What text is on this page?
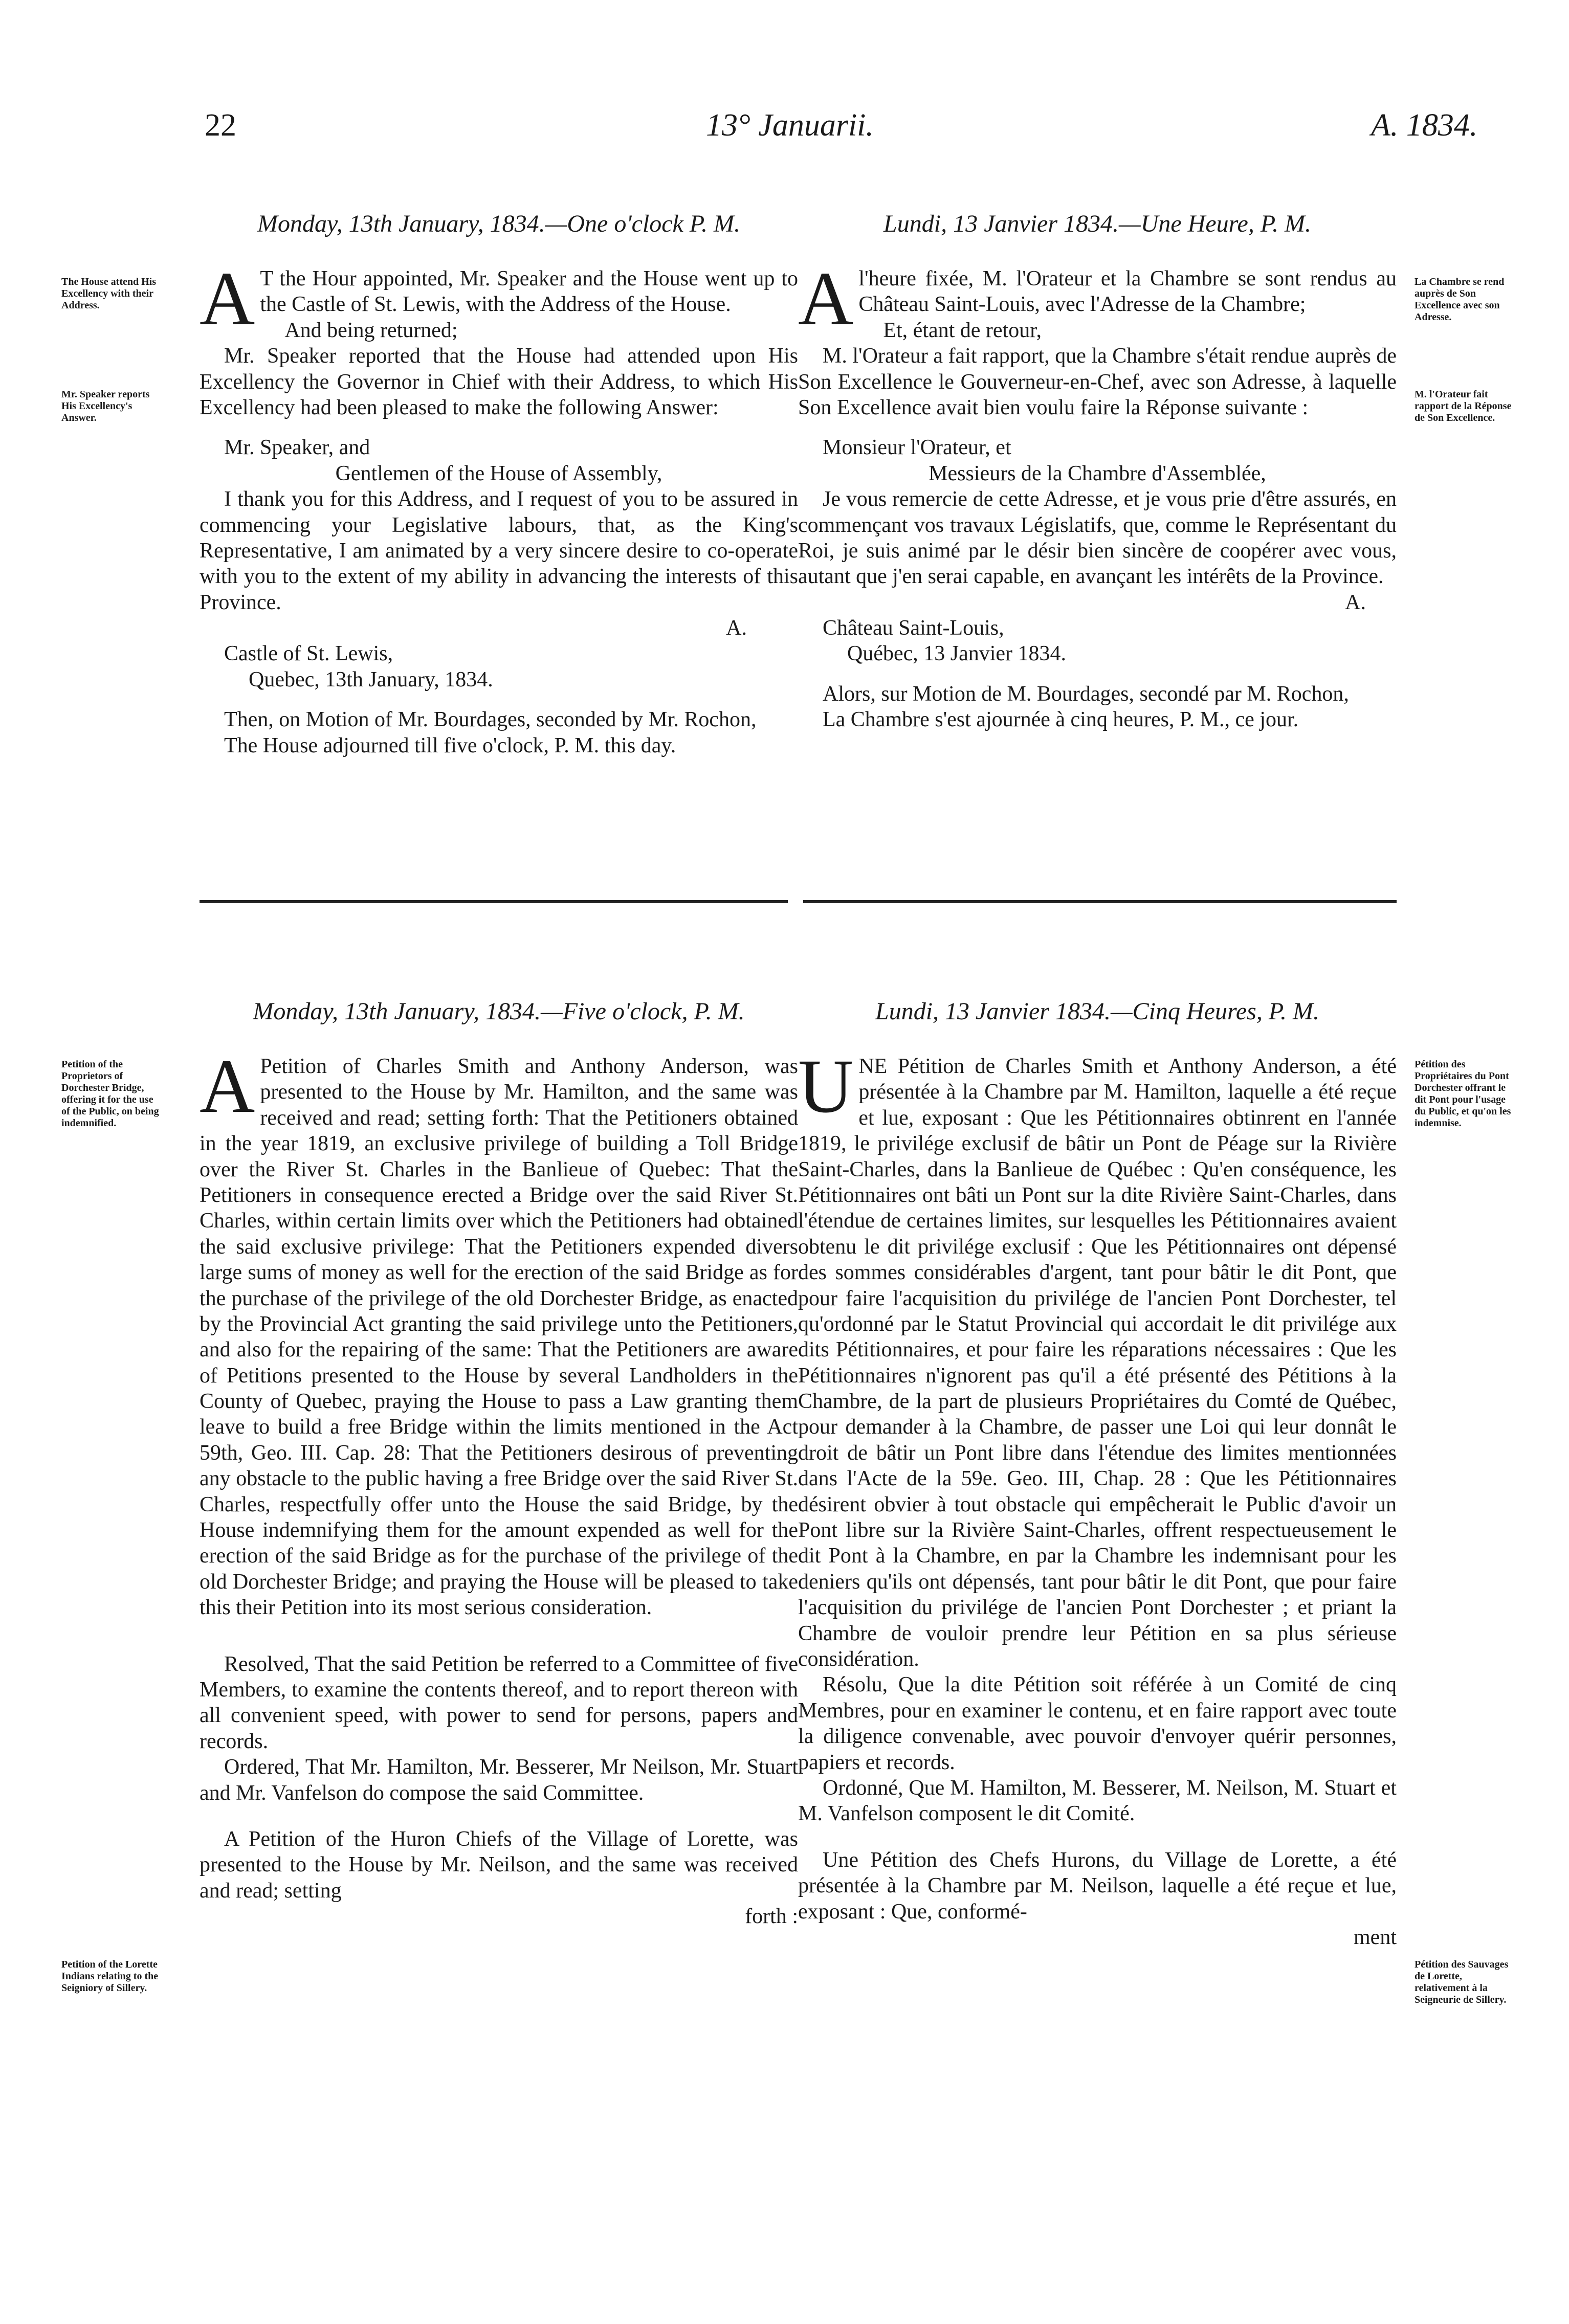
22	13° Januarii.	A. 1834.
Monday, 13th January, 1834.—One o'clock P. M.
The House attend His Excellency with their Address.
Mr. Speaker reports His Excellency's Answer.

A T the Hour appointed, Mr. Speaker and the House went up to the Castle of St. Lewis, with the Address of the House.

And being returned;

Mr. Speaker reported that the House had attended upon His Excellency the Governor in Chief with their Address, to which His Excellency had been pleased to make the following Answer:

Mr. Speaker, and

Gentlemen of the House of Assembly,

I thank you for this Address, and I request of you to be assured in commencing your Legislative labours, that, as the King's Representative, I am animated by a very sincere desire to co-operate with you to the extent of my ability in advancing the interests of this Province.

A.

Castle of St. Lewis,

Quebec, 13th January, 1834.

Then, on Motion of Mr. Bourdages, seconded by Mr. Rochon,

The House adjourned till five o'clock, P. M. this day.

Lundi, 13 Janvier 1834.—Une Heure, P. M.
La Chambre se rend auprès de Son Excellence avec son Adresse.
M. l'Orateur fait rapport de la Réponse de Son Excellence.

Al'heure fixée, M. l'Orateur et la Chambre se sont rendus au Château Saint-Louis, avec l'Adresse de la Chambre;

Et, étant de retour,

M. l'Orateur a fait rapport, que la Chambre s'était rendue auprès de Son Excellence le Gouverneur-en-Chef, avec son Adresse, à laquelle Son Excellence avait bien voulu faire la Réponse suivante :

Monsieur l'Orateur, et

Messieurs de la Chambre d'Assemblée,

Je vous remercie de cette Adresse, et je vous prie d'être assurés, en commençant vos travaux Législatifs, que, comme le Représentant du Roi, je suis animé par le désir bien sincère de coopérer avec vous, autant que j'en serai capable, en avançant les intérêts de la Province.

A.

Château Saint-Louis,

Québec, 13 Janvier 1834.

Alors, sur Motion de M. Bourdages, secondé par M. Rochon,

La Chambre s'est ajournée à cinq heures, P. M., ce jour.

Monday, 13th January, 1834.—Five o'clock, P. M.
Petition of the Proprietors of Dorchester Bridge, offering it for the use of the Public, on being indemnified.
Petition of the Lorette Indians relating to the Seigniory of Sillery.

A Petition of Charles Smith and Anthony Anderson, was presented to the House by Mr. Hamilton, and the same was received and read; setting forth: That the Petitioners obtained in the year 1819, an exclusive privilege of building a Toll Bridge over the River St. Charles in the Banlieue of Quebec: That the Petitioners in consequence erected a Bridge over the said River St. Charles, within certain limits over which the Petitioners had obtained the said exclusive privilege: That the Petitioners expended divers large sums of money as well for the erection of the said Bridge as for the purchase of the privilege of the old Dorchester Bridge, as enacted by the Provincial Act granting the said privilege unto the Petitioners, and also for the repairing of the same: That the Petitioners are aware of Petitions presented to the House by several Landholders in the County of Quebec, praying the House to pass a Law granting them leave to build a free Bridge within the limits mentioned in the Act 59th, Geo. III. Cap. 28: That the Petitioners desirous of preventing any obstacle to the public having a free Bridge over the said River St. Charles, respectfully offer unto the House the said Bridge, by the House indemnifying them for the amount expended as well for the erection of the said Bridge as for the purchase of the privilege of the old Dorchester Bridge; and praying the House will be pleased to take this their Petition into its most serious consideration.

Resolved, That the said Petition be referred to a Committee of five Members, to examine the contents thereof, and to report thereon with all convenient speed, with power to send for persons, papers and records.

Ordered, That Mr. Hamilton, Mr. Besserer, Mr Neilson, Mr. Stuart and Mr. Vanfelson do compose the said Committee.

A Petition of the Huron Chiefs of the Village of Lorette, was presented to the House by Mr. Neilson, and the same was received and read; setting

forth :

Lundi, 13 Janvier 1834.—Cinq Heures, P. M.
Pétition des Propriétaires du Pont Dorchester offrant le dit Pont pour l'usage du Public, et qu'on les indemnise.
Pétition des Sauvages de Lorette, relativement à la Seigneurie de Sillery.

UNE Pétition de Charles Smith et Anthony Anderson, a été présentée à la Chambre par M. Hamilton, laquelle a été reçue et lue, exposant : Que les Pétitionnaires obtinrent en l'année 1819, le privilége exclusif de bâtir un Pont de Péage sur la Rivière Saint-Charles, dans la Banlieue de Québec : Qu'en conséquence, les Pétitionnaires ont bâti un Pont sur la dite Rivière Saint-Charles, dans l'étendue de certaines limites, sur lesquelles les Pétitionnaires avaient obtenu le dit privilége exclusif : Que les Pétitionnaires ont dépensé des sommes considérables d'argent, tant pour bâtir le dit Pont, que pour faire l'acquisition du privilége de l'ancien Pont Dorchester, tel qu'ordonné par le Statut Provincial qui accordait le dit privilége aux dits Pétitionnaires, et pour faire les réparations nécessaires : Que les Pétitionnaires n'ignorent pas qu'il a été présenté des Pétitions à la Chambre, de la part de plusieurs Propriétaires du Comté de Québec, pour demander à la Chambre, de passer une Loi qui leur donnât le droit de bâtir un Pont libre dans l'étendue des limites mentionnées dans l'Acte de la 59e. Geo. III, Chap. 28 : Que les Pétitionnaires désirent obvier à tout obstacle qui empêcherait le Public d'avoir un Pont libre sur la Rivière Saint-Charles, offrent respectueusement le dit Pont à la Chambre, en par la Chambre les indemnisant pour les deniers qu'ils ont dépensés, tant pour bâtir le dit Pont, que pour faire l'acquisition du privilége de l'ancien Pont Dorchester ; et priant la Chambre de vouloir prendre leur Pétition en sa plus sérieuse considération.

Résolu, Que la dite Pétition soit référée à un Comité de cinq Membres, pour en examiner le contenu, et en faire rapport avec toute la diligence convenable, avec pouvoir d'envoyer quérir personnes, papiers et records.

Ordonné, Que M. Hamilton, M. Besserer, M. Neilson, M. Stuart et M. Vanfelson composent le dit Comité.

Une Pétition des Chefs Hurons, du Village de Lorette, a été présentée à la Chambre par M. Neilson, laquelle a été reçue et lue, exposant : Que, conformé-

ment
